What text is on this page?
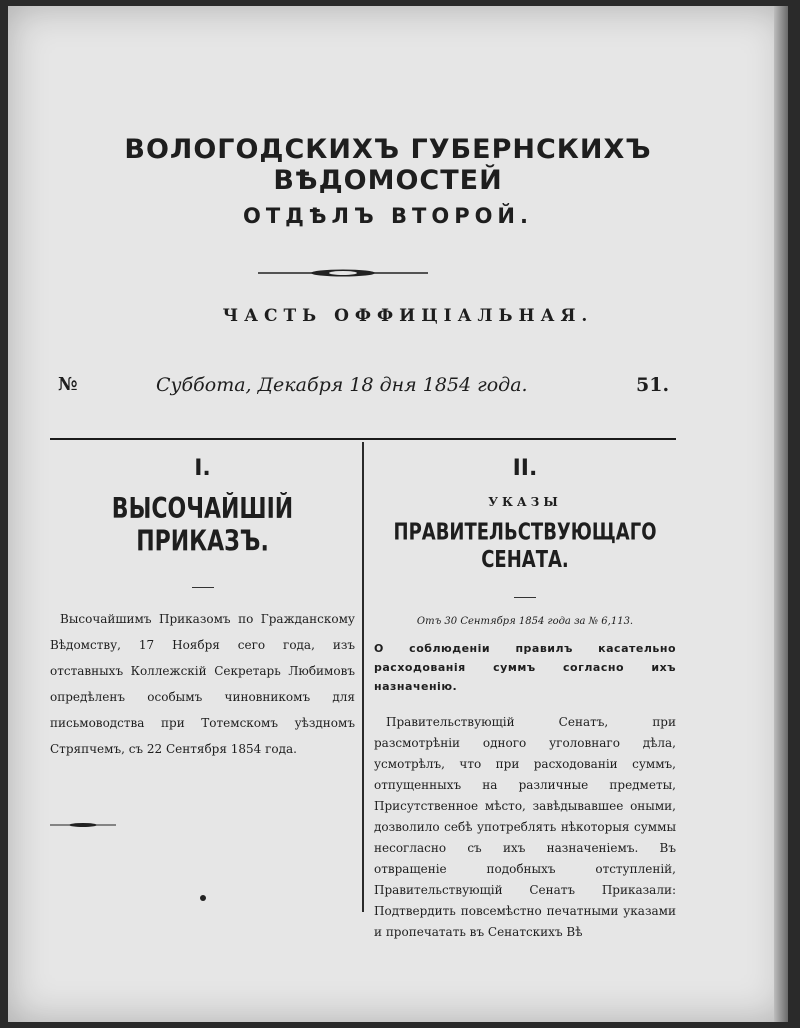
ВОЛОГОДСКИХЪ ГУБЕРНСКИХЪ ВѢДОМОСТЕЙ
ОТДѢЛЪ ВТОРОЙ.
ЧАСТЬ ОФФИЦІАЛЬНАЯ.
№	Суббота, Декабря 18 дня 1854 года.	51.
I.
ВЫСОЧАЙШІЙ ПРИКАЗЪ.
Высочайшимъ Приказомъ по Гражданскому Вѣдомству, 17 Ноября сего года, изъ отставныхъ Коллежскій Секретарь Любимовъ опредѣленъ особымъ чиновникомъ для письмоводства при Тотемскомъ уѣздномъ Стряпчемъ, съ 22 Сентября 1854 года.
II.
УКАЗЫ
ПРАВИТЕЛЬСТВУЮЩАГО СЕНАТА.
Отъ 30 Сентября 1854 года за № 6,113.
О соблюденіи правилъ касательно расходованія суммъ согласно ихъ назначенію.
Правительствующій Сенатъ, при разсмотрѣніи одного уголовнаго дѣла, усмотрѣлъ, что при расходованіи суммъ, отпущенныхъ на различные предметы, Присутственное мѣсто, завѣдывавшее оными, дозволило себѣ употреблять нѣкоторыя суммы несогласно съ ихъ назначеніемъ. Въ отвращеніе подобныхъ отступленій, Правительствующій Сенатъ Приказали: Подтвердить повсемѣстно печатными указами и пропечатать въ Сенатскихъ Вѣ
